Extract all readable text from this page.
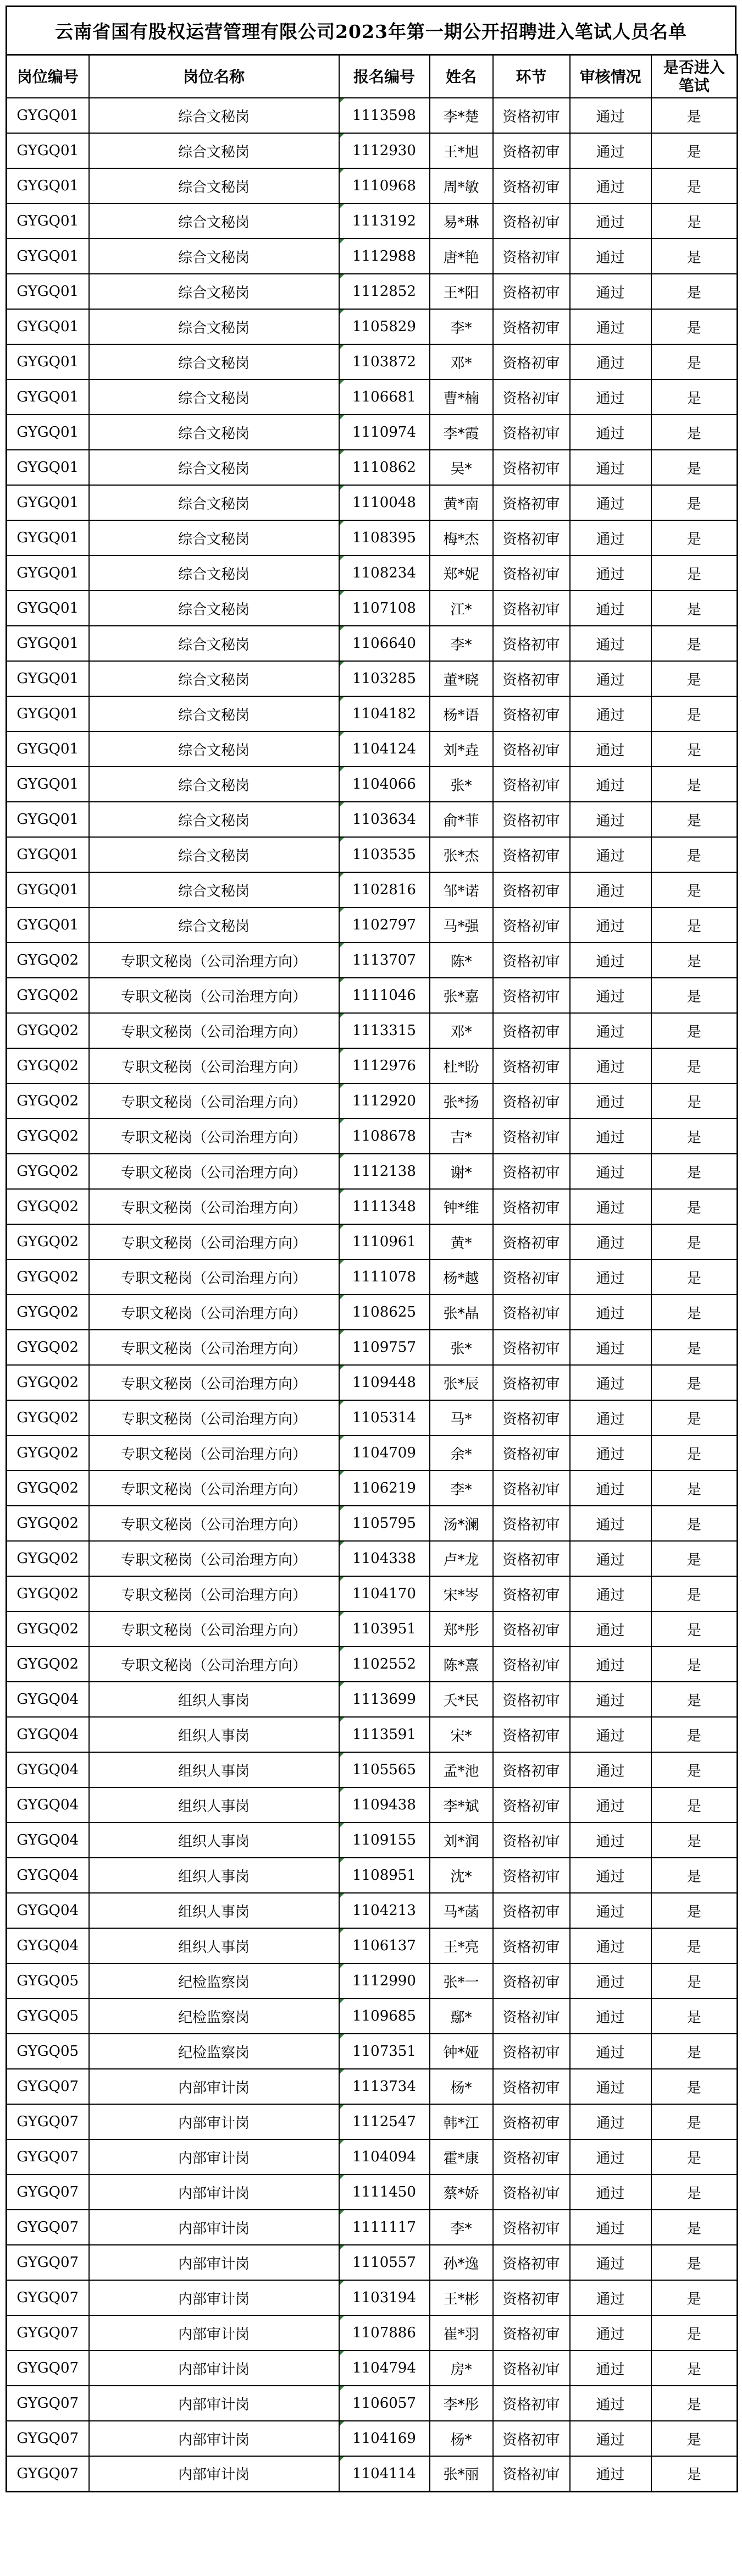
云南省国有股权运营管理有限公司2023年第一期公开招聘进入笔试人员名单
岗位编号	岗位名称	报名编号	姓名	环节	审核情况	是否进入笔试
GYGQ01	综合文秘岗	1113598	李*楚	资格初审	通过	是
GYGQ01	综合文秘岗	1112930	王*旭	资格初审	通过	是
GYGQ01	综合文秘岗	1110968	周*敏	资格初审	通过	是
GYGQ01	综合文秘岗	1113192	易*琳	资格初审	通过	是
GYGQ01	综合文秘岗	1112988	唐*艳	资格初审	通过	是
GYGQ01	综合文秘岗	1112852	王*阳	资格初审	通过	是
GYGQ01	综合文秘岗	1105829	李*	资格初审	通过	是
GYGQ01	综合文秘岗	1103872	邓*	资格初审	通过	是
GYGQ01	综合文秘岗	1106681	曹*楠	资格初审	通过	是
GYGQ01	综合文秘岗	1110974	李*霞	资格初审	通过	是
GYGQ01	综合文秘岗	1110862	吴*	资格初审	通过	是
GYGQ01	综合文秘岗	1110048	黄*南	资格初审	通过	是
GYGQ01	综合文秘岗	1108395	梅*杰	资格初审	通过	是
GYGQ01	综合文秘岗	1108234	郑*妮	资格初审	通过	是
GYGQ01	综合文秘岗	1107108	江*	资格初审	通过	是
GYGQ01	综合文秘岗	1106640	李*	资格初审	通过	是
GYGQ01	综合文秘岗	1103285	董*晓	资格初审	通过	是
GYGQ01	综合文秘岗	1104182	杨*语	资格初审	通过	是
GYGQ01	综合文秘岗	1104124	刘*垚	资格初审	通过	是
GYGQ01	综合文秘岗	1104066	张*	资格初审	通过	是
GYGQ01	综合文秘岗	1103634	俞*菲	资格初审	通过	是
GYGQ01	综合文秘岗	1103535	张*杰	资格初审	通过	是
GYGQ01	综合文秘岗	1102816	邹*诺	资格初审	通过	是
GYGQ01	综合文秘岗	1102797	马*强	资格初审	通过	是
GYGQ02	专职文秘岗（公司治理方向）	1113707	陈*	资格初审	通过	是
GYGQ02	专职文秘岗（公司治理方向）	1111046	张*嘉	资格初审	通过	是
GYGQ02	专职文秘岗（公司治理方向）	1113315	邓*	资格初审	通过	是
GYGQ02	专职文秘岗（公司治理方向）	1112976	杜*盼	资格初审	通过	是
GYGQ02	专职文秘岗（公司治理方向）	1112920	张*扬	资格初审	通过	是
GYGQ02	专职文秘岗（公司治理方向）	1108678	吉*	资格初审	通过	是
GYGQ02	专职文秘岗（公司治理方向）	1112138	谢*	资格初审	通过	是
GYGQ02	专职文秘岗（公司治理方向）	1111348	钟*维	资格初审	通过	是
GYGQ02	专职文秘岗（公司治理方向）	1110961	黄*	资格初审	通过	是
GYGQ02	专职文秘岗（公司治理方向）	1111078	杨*越	资格初审	通过	是
GYGQ02	专职文秘岗（公司治理方向）	1108625	张*晶	资格初审	通过	是
GYGQ02	专职文秘岗（公司治理方向）	1109757	张*	资格初审	通过	是
GYGQ02	专职文秘岗（公司治理方向）	1109448	张*辰	资格初审	通过	是
GYGQ02	专职文秘岗（公司治理方向）	1105314	马*	资格初审	通过	是
GYGQ02	专职文秘岗（公司治理方向）	1104709	余*	资格初审	通过	是
GYGQ02	专职文秘岗（公司治理方向）	1106219	李*	资格初审	通过	是
GYGQ02	专职文秘岗（公司治理方向）	1105795	汤*澜	资格初审	通过	是
GYGQ02	专职文秘岗（公司治理方向）	1104338	卢*龙	资格初审	通过	是
GYGQ02	专职文秘岗（公司治理方向）	1104170	宋*岑	资格初审	通过	是
GYGQ02	专职文秘岗（公司治理方向）	1103951	郑*彤	资格初审	通过	是
GYGQ02	专职文秘岗（公司治理方向）	1102552	陈*熹	资格初审	通过	是
GYGQ04	组织人事岗	1113699	夭*民	资格初审	通过	是
GYGQ04	组织人事岗	1113591	宋*	资格初审	通过	是
GYGQ04	组织人事岗	1105565	孟*池	资格初审	通过	是
GYGQ04	组织人事岗	1109438	李*斌	资格初审	通过	是
GYGQ04	组织人事岗	1109155	刘*润	资格初审	通过	是
GYGQ04	组织人事岗	1108951	沈*	资格初审	通过	是
GYGQ04	组织人事岗	1104213	马*菡	资格初审	通过	是
GYGQ04	组织人事岗	1106137	王*亮	资格初审	通过	是
GYGQ05	纪检监察岗	1112990	张*一	资格初审	通过	是
GYGQ05	纪检监察岗	1109685	鄢*	资格初审	通过	是
GYGQ05	纪检监察岗	1107351	钟*娅	资格初审	通过	是
GYGQ07	内部审计岗	1113734	杨*	资格初审	通过	是
GYGQ07	内部审计岗	1112547	韩*江	资格初审	通过	是
GYGQ07	内部审计岗	1104094	霍*康	资格初审	通过	是
GYGQ07	内部审计岗	1111450	蔡*娇	资格初审	通过	是
GYGQ07	内部审计岗	1111117	李*	资格初审	通过	是
GYGQ07	内部审计岗	1110557	孙*逸	资格初审	通过	是
GYGQ07	内部审计岗	1103194	王*彬	资格初审	通过	是
GYGQ07	内部审计岗	1107886	崔*羽	资格初审	通过	是
GYGQ07	内部审计岗	1104794	房*	资格初审	通过	是
GYGQ07	内部审计岗	1106057	李*彤	资格初审	通过	是
GYGQ07	内部审计岗	1104169	杨*	资格初审	通过	是
GYGQ07	内部审计岗	1104114	张*丽	资格初审	通过	是
